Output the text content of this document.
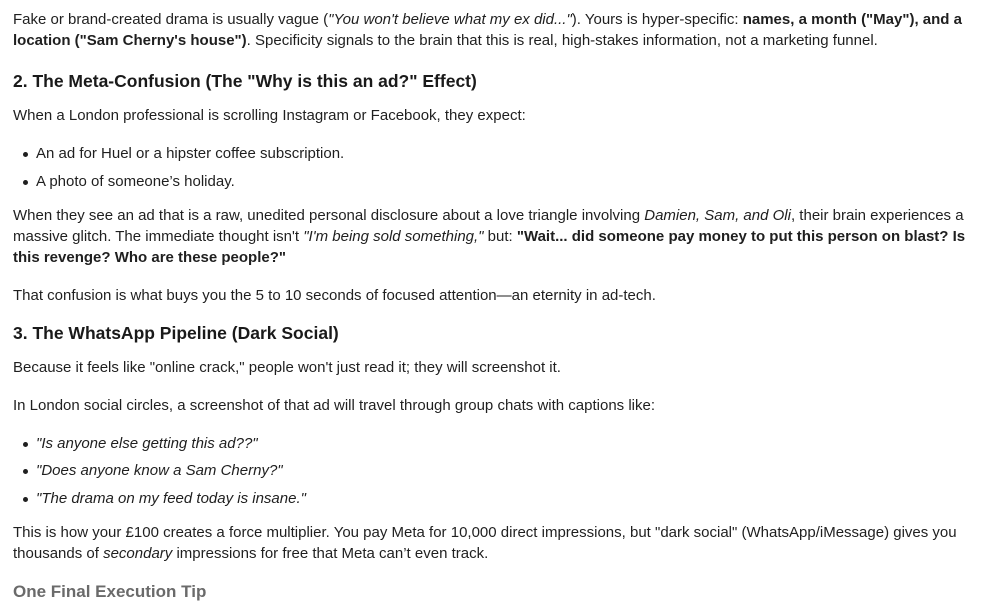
Fake or brand-created drama is usually vague ("You won't believe what my ex did..."). Yours is hyper-specific: names, a month ("May"), and a location ("Sam Cherny's house"). Specificity signals to the brain that this is real, high-stakes information, not a marketing funnel.

2. The Meta-Confusion (The "Why is this an ad?" Effect)

When a London professional is scrolling Instagram or Facebook, they expect:

An ad for Huel or a hipster coffee subscription.
A photo of someone’s holiday.

When they see an ad that is a raw, unedited personal disclosure about a love triangle involving Damien, Sam, and Oli, their brain experiences a massive glitch. The immediate thought isn't "I'm being sold something," but: "Wait... did someone pay money to put this person on blast? Is this revenge? Who are these people?"

That confusion is what buys you the 5 to 10 seconds of focused attention—an eternity in ad-tech.

3. The WhatsApp Pipeline (Dark Social)

Because it feels like "online crack," people won't just read it; they will screenshot it.

In London social circles, a screenshot of that ad will travel through group chats with captions like:

"Is anyone else getting this ad??"
"Does anyone know a Sam Cherny?"
"The drama on my feed today is insane."

This is how your £100 creates a force multiplier. You pay Meta for 10,000 direct impressions, but "dark social" (WhatsApp/iMessage) gives you thousands of secondary impressions for free that Meta can’t even track.

One Final Execution Tip
